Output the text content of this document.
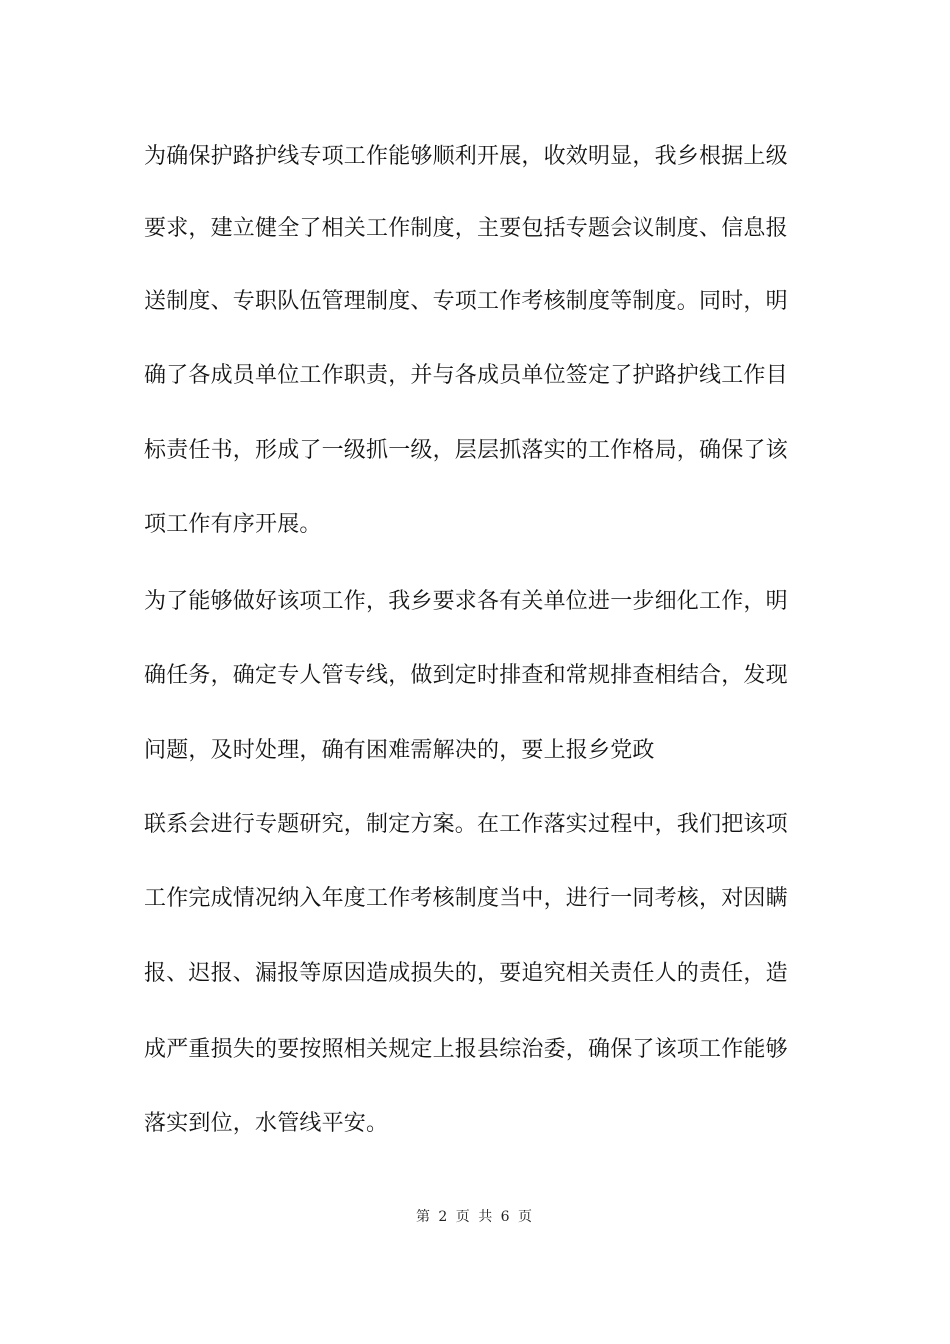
为确保护路护线专项工作能够顺利开展，收效明显，我乡根据上级
要求，建立健全了相关工作制度，主要包括专题会议制度、信息报
送制度、专职队伍管理制度、专项工作考核制度等制度。同时，明
确了各成员单位工作职责，并与各成员单位签定了护路护线工作目
标责任书，形成了一级抓一级，层层抓落实的工作格局，确保了该
项工作有序开展。
为了能够做好该项工作，我乡要求各有关单位进一步细化工作，明
确任务，确定专人管专线，做到定时排查和常规排查相结合，发现
问题，及时处理，确有困难需解决的，要上报乡党政
联系会进行专题研究，制定方案。在工作落实过程中，我们把该项
工作完成情况纳入年度工作考核制度当中，进行一同考核，对因瞒
报、迟报、漏报等原因造成损失的，要追究相关责任人的责任，造
成严重损失的要按照相关规定上报县综治委，确保了该项工作能够
落实到位，水管线平安。
第 2 页 共 6 页
